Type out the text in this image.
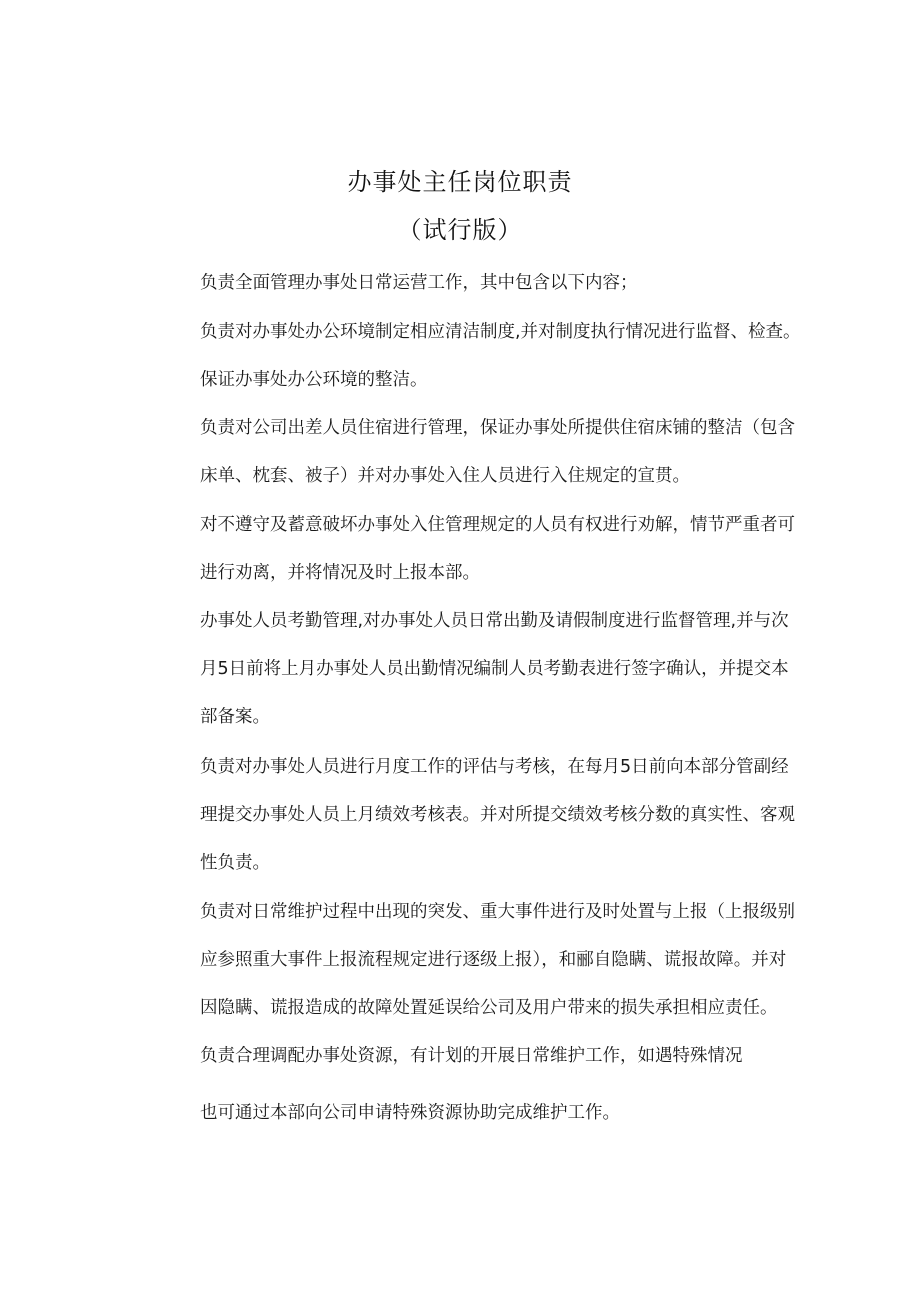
办事处主任岗位职责
（试行版）
负责全面管理办事处日常运营工作，其中包含以下内容；
负责对办事处办公环境制定相应清洁制度,并对制度执行情况进行监督、检查。
保证办事处办公环境的整洁。
负责对公司出差人员住宿进行管理，保证办事处所提供住宿床铺的整洁（包含
床单、枕套、被子）并对办事处入住人员进行入住规定的宣贯。
对不遵守及蓄意破坏办事处入住管理规定的人员有权进行劝解，情节严重者可
进行劝离，并将情况及时上报本部。
办事处人员考勤管理,对办事处人员日常出勤及请假制度进行监督管理,并与次
月5日前将上月办事处人员出勤情况编制人员考勤表进行签字确认，并提交本
部备案。
负责对办事处人员进行月度工作的评估与考核，在每月5日前向本部分管副经
理提交办事处人员上月绩效考核表。并对所提交绩效考核分数的真实性、客观
性负责。
负责对日常维护过程中出现的突发、重大事件进行及时处置与上报（上报级别
应参照重大事件上报流程规定进行逐级上报），和郦自隐瞒、谎报故障。并对
因隐瞒、谎报造成的故障处置延误给公司及用户带来的损失承担相应责任。
负责合理调配办事处资源，有计划的开展日常维护工作，如遇特殊情况
也可通过本部向公司申请特殊资源协助完成维护工作。
